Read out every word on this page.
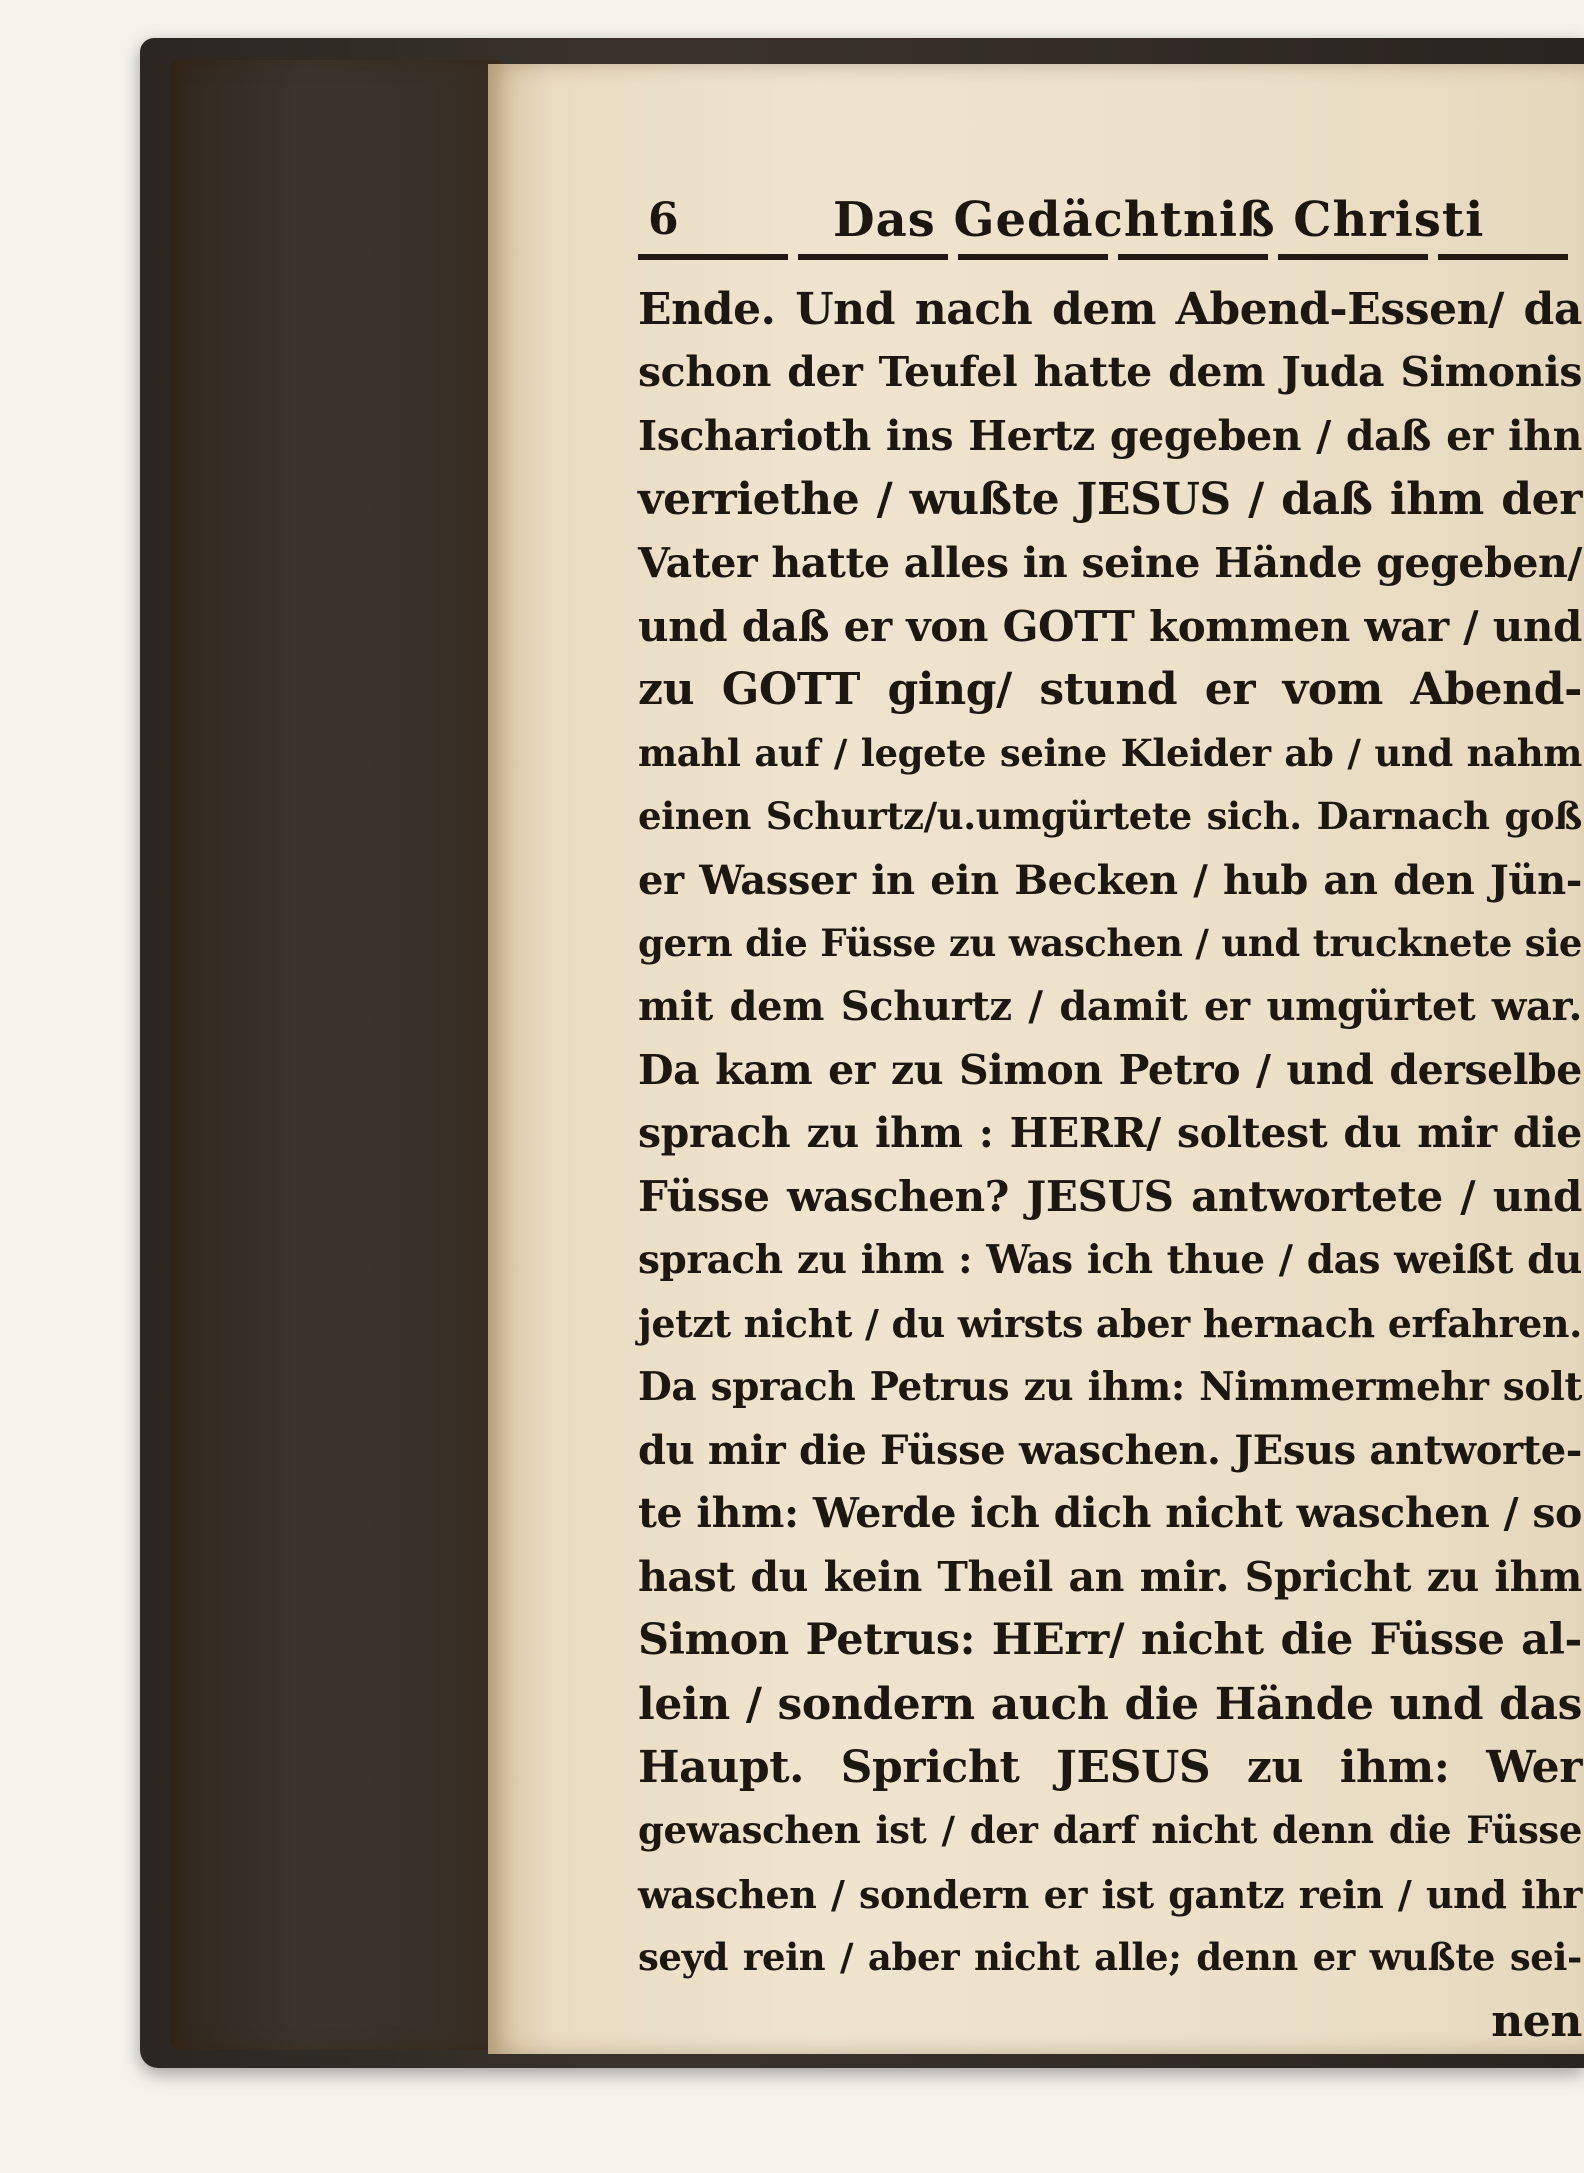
6	Das Gedächtniß Christi
Ende. Und nach dem Abend-Essen/ da
schon der Teufel hatte dem Juda Simonis
Ischarioth ins Hertz gegeben / daß er ihn
verriethe / wußte JESUS / daß ihm der
Vater hatte alles in seine Hände gegeben/
und daß er von GOTT kommen war / und
zu GOTT ging/ stund er vom Abend-
mahl auf / legete seine Kleider ab / und nahm
einen Schurtz/u.umgürtete sich. Darnach goß
er Wasser in ein Becken / hub an den Jün-
gern die Füsse zu waschen / und trucknete sie
mit dem Schurtz / damit er umgürtet war.
Da kam er zu Simon Petro / und derselbe
sprach zu ihm : HERR/ soltest du mir die
Füsse waschen? JESUS antwortete / und
sprach zu ihm : Was ich thue / das weißt du
jetzt nicht / du wirsts aber hernach erfahren.
Da sprach Petrus zu ihm: Nimmermehr solt
du mir die Füsse waschen. JEsus antworte-
te ihm: Werde ich dich nicht waschen / so
hast du kein Theil an mir. Spricht zu ihm
Simon Petrus: HErr/ nicht die Füsse al-
lein / sondern auch die Hände und das
Haupt. Spricht JESUS zu ihm: Wer
gewaschen ist / der darf nicht denn die Füsse
waschen / sondern er ist gantz rein / und ihr
seyd rein / aber nicht alle; denn er wußte sei-
nen
